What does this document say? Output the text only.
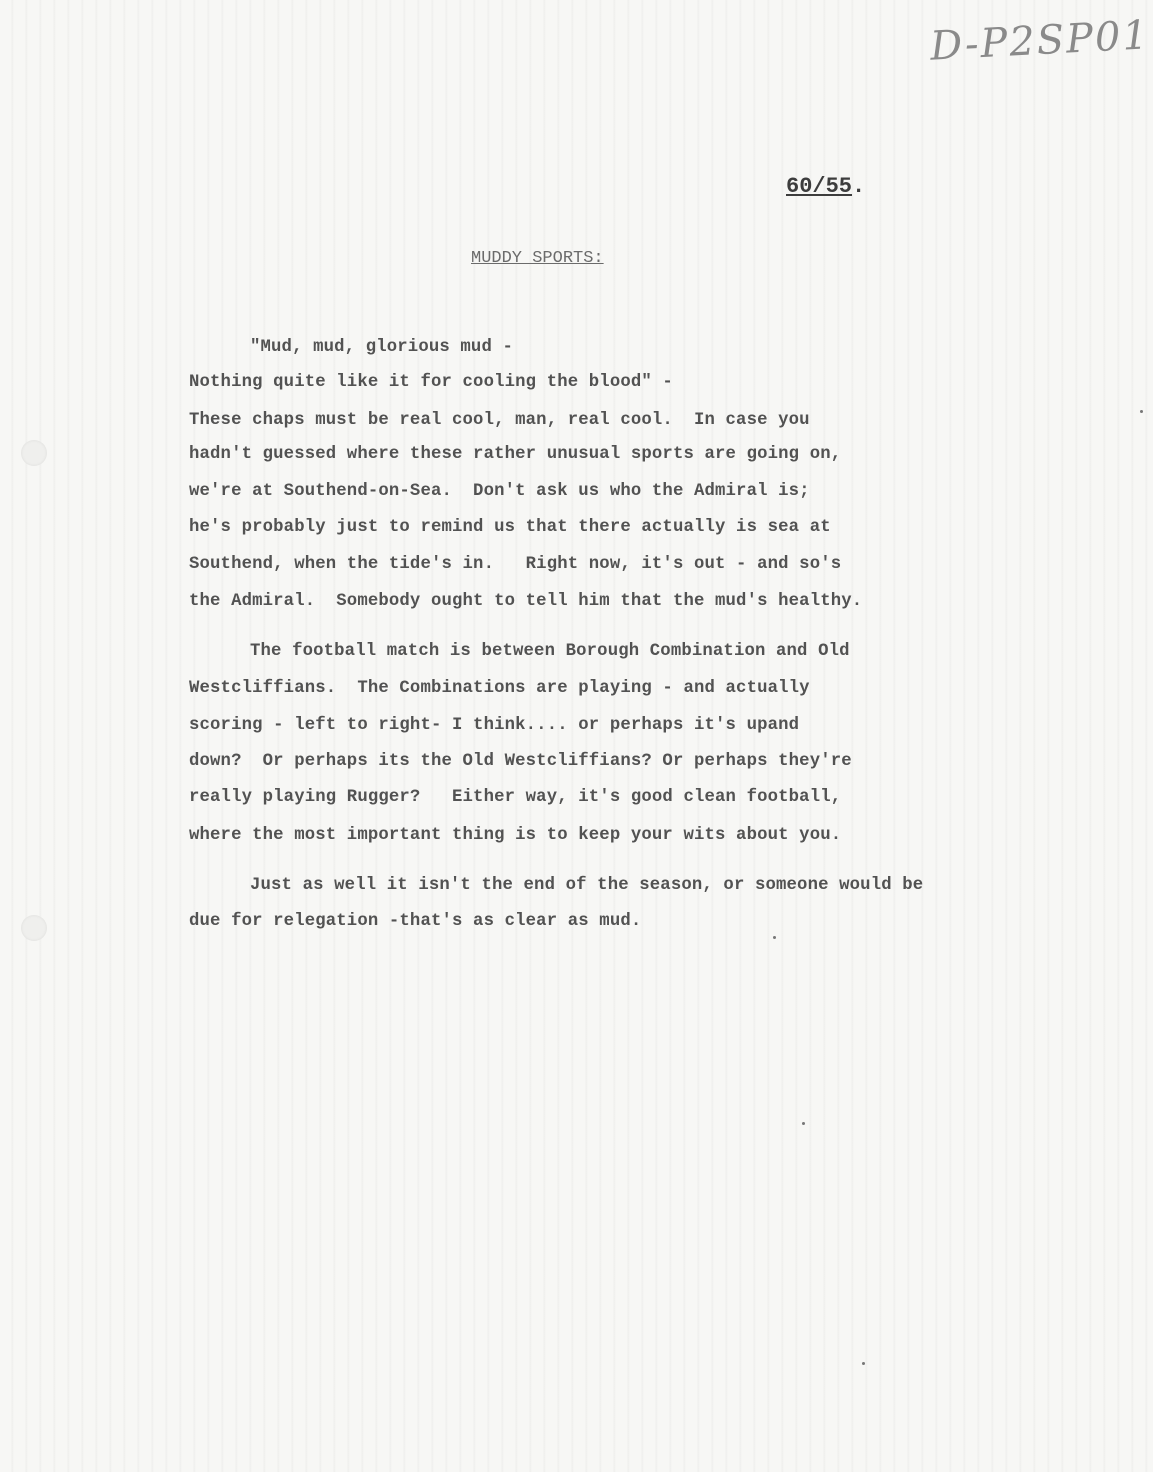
D-P2SP01
60/55.
MUDDY SPORTS:
"Mud, mud, glorious mud -
Nothing quite like it for cooling the blood" -
These chaps must be real cool, man, real cool.  In case you
hadn't guessed where these rather unusual sports are going on,
we're at Southend-on-Sea.  Don't ask us who the Admiral is;
he's probably just to remind us that there actually is sea at
Southend, when the tide's in.   Right now, it's out - and so's
the Admiral.  Somebody ought to tell him that the mud's healthy.
The football match is between Borough Combination and Old
Westcliffians.  The Combinations are playing - and actually
scoring - left to right- I think.... or perhaps it's upand
down?  Or perhaps its the Old Westcliffians? Or perhaps they're
really playing Rugger?   Either way, it's good clean football,
where the most important thing is to keep your wits about you.
Just as well it isn't the end of the season, or someone would be
due for relegation -that's as clear as mud.
